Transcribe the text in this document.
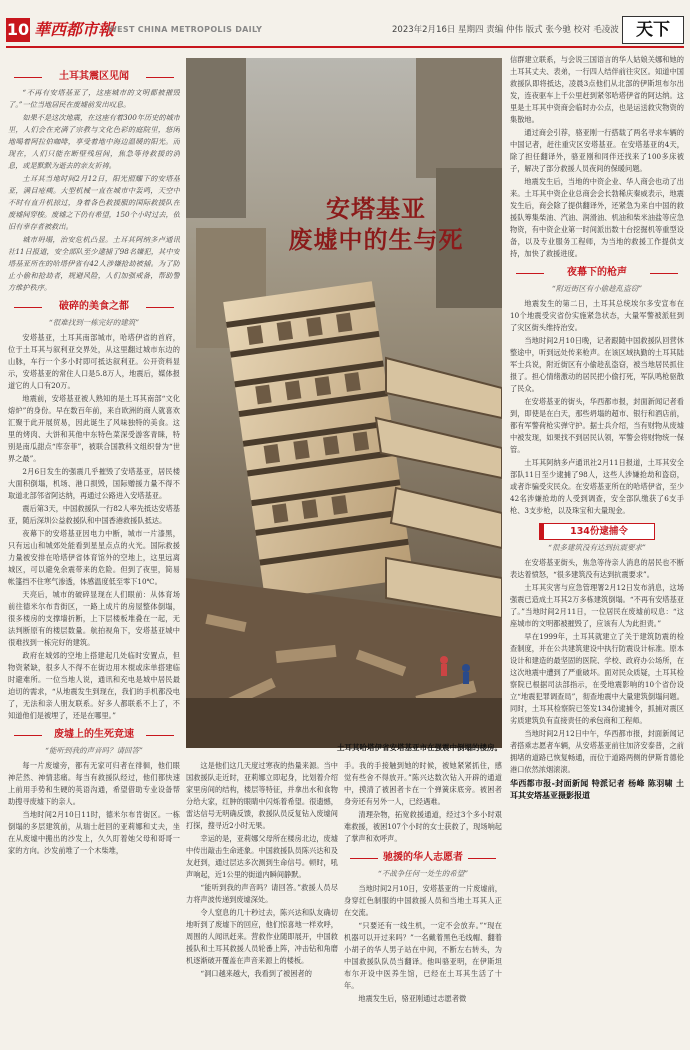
10 華西都市報
WEST CHINA METROPOLIS DAILY	2023年2月16日 星期四 责编 仲伟 版式 张今驰 校对 毛凌波	天下
土耳其震区见闻

“不再有安塔基亚了，这座城市的文明都被摧毁了。”一位当地居民在废墟前发出叹息。

如果不是这次地震，在这座有着300年历史的城市里，人们会在充满了宗教与文化色彩的庭院里，悠闲地喝着阿拉伯咖啡，享受着地中海边温暖的阳光。而现在，人们只能在断壁残垣间，焦急等待救援的消息，或是默默为逝去的亲友祈祷。

土耳其当地时间2月12日，阳光照耀下的安塔基亚，满目疮痍。大型机械一直在城市中轰鸣，天空中不时有直升机掠过，身着各色救援服的国际救援队在废墟间穿梭。废墟之下仍有希望，150个小时过去，依旧有幸存者被救出。

城市坍塌，治安危机凸显。土耳其阿纳多卢通讯社11日报道，安全部队至少逮捕了98名嫌犯，其中安塔基亚所在的哈塔伊省有42人涉嫌抢劫被捕。为了防止小偷和抢劫者，规避风险，人们加强戒备，帮助警方维护秩序。

破碎的美食之都
“很难找到一栋完好的建筑”

安塔基亚，土耳其南部城市，哈塔伊省的首府，位于土耳其与叙利亚交界处，从这里翻过城市东边的山脉，车行一个多小时即可抵达叙利亚。公开资料显示，安塔基亚的常住人口是5.8万人，地震后，媒体报道它的人口有20万。

地震前，安塔基亚被人熟知的是土耳其南部“文化熔炉”的身份。早在数百年前，来自欧洲的商人就喜欢汇聚于此开展贸易，因此诞生了风味独特的美食。这里的烤肉、大饼和其他中东特色菜深受游客青睐，特别是南瓜甜点“库奈菲”，被联合国教科文组织誉为“世界之最”。

2月6日发生的强震几乎摧毁了安塔基亚，居民楼大面积倒塌，机场、港口损毁，国际赠援力量不得不取道北部邻省阿达纳，再通过公路进入安塔基亚。

震后第3天，中国救援队一行82人率先抵达安塔基亚，随后深圳公益救援队和中国香港救援队抵达。

夜幕下的安塔基亚因电力中断，城市一片漆黑，只有远山和城郊处能看到星星点点的火光。国际救援力量被安排在哈塔伊省体育馆外的空地上，这里远离城区，可以避免余震带来的危险。但到了夜里，简易帐篷挡不住寒气渗透，体感温度低至零下10℃。

天亮后，城市的破碎显现在人们眼前：从体育场前往德米尔布肯街区，一路上成片的房屋整体倒塌，很多楼房的支撑墙折断，上下层楼板堆叠在一起，无法判断原有的楼层数量。航拍视角下，安塔基亚城中很难找到一栋完好的建筑。

政府在城郊的空地上搭建起几处临时安置点，但物资紧缺，很多人不得不在街边用木棍或床单搭建临时避难所。一位当地人说，通讯和充电是城中居民最迫切的需求，“从地震发生到现在，我们的手机都没电了，无法和亲人朋友联系。好多人都联系不上了，不知道他们是被埋了，还是在哪里。”

废墟上的生死竞速
“能听到我的声音吗？请回答”

每一片废墟旁，都有无家可归者在徘徊，他们眼神茫然、神情悲痛。每当有救援队经过，他们都快速上前用手势和生硬的英语沟通，希望借助专业设备帮助搜寻废墟下的亲人。

当地时间2月10日11时，德米尔布肯街区。一栋倒塌的多层建筑前，从瑞士赶回的亚莉娜和丈夫，坐在从废墟中搬出的沙发上，久久盯着她父母和哥哥一家的方向。沙发前堆了一个木柴堆，

安塔基亚
废墟中的生与死
土耳其哈塔伊省安塔基亚市在强震中倒塌的楼房。

这是他们这几天度过寒夜的热量来源。当中国救援队走近时，亚莉娜立即起身，比划着介绍家里房间的结构，楼层等特征，并拿出水和食物分给大家，红肿的眼睛中闪烁着希望。很遗憾，雷达信号无明确反馈，救援队员反复钻入废墟间打探，搜寻近2小时无果。

幸运的是，亚莉娜父母所在楼房北边，废墟中传出敲击生命迹象。中国救援队员陈兴达和及友赶到，通过层达多次测到生命信号。顿时，吼声响起，近1公里的街道内瞬间静默。

“能听到我的声音吗？请回答。”救援人员尽力将声波传递到废墟深处。

令人窒息的几十秒过去，陈兴达和队友确切地听到了废墟下的回应，他们惊喜地一样欢呼，周围的人闻讯赶来。营救作业随即展开，中国救援队和土耳其救援人员轮番上阵，冲击钻和角磨机逐渐破开覆盖在声音来源上的楼板。

“洞口越来越大，我看到了被困者的

手。我的手接触到她的时候，被她紧紧抓住，感觉有些舍不得放开。”陈兴达数次钻入开辟的通道中，摸清了被困者卡在一个弹簧床底旁。被困者身旁还有另外一人，已经遇难。

清理杂物，拓宽救援通道，经过3个多小时艰难救援，被困107个小时的女士获救了，现场响起了掌声和欢呼声。

驰援的华人志愿者
“不战争任何一处生的希望”

当地时间2月10日，安塔基亚的一片废墟前，身穿红色制服的中国救援人员和当地土耳其人正在交流。

“只要还有一线生机，一定不会放弃。”“现在机器可以开过来吗？”一名戴着黑色毛线帽、翻着小胡子的华人男子站在中间，不断左右转头，为中国救援队队员当翻译。他叫骆亚明，在伊斯坦布尔开设中医养生馆，已经在土耳其生活了十年。

地震发生后，骆亚刚通过志愿者微

信群建立联系，与会说三国语言的华人姑娘关娜和她的土耳其丈夫、表弟，一行四人结伴前往灾区。知道中国救援队即将抵达，凌晨3点他们从北部的伊斯坦布尔出发，连夜驱车上千公里赶到紧邻哈塔伊省的阿达纳。这里是土耳其中资商会临时办公点，也是运送救灾物资的集散地。

通过商会引荐，骆亚刚一行搭载了两名寻求车辆的中国记者，赶往重灾区安塔基亚。在安塔基亚的4天，除了担任翻译外，骆亚刚和同伴还找来了100多床被子，解决了部分救援人员夜间的保暖问题。

地震发生后，当地的中资企业、华人商会也动了出来。土耳其中资企业总商会会长勃稀庆秦威表示，地震发生后，商会除了提供翻译外，还紧急为来自中国的救援队筹集柴油、汽油、润滑油、机油和柴米油盐等应急物资，有中资企业第一时间派出数十台挖掘机等重型设备，以及专业服务工程师，为当地的救援工作提供支持，加快了救援进度。

夜幕下的枪声
“附近街区有小偷趁乱盗窃”

地震发生的第二日，土耳其总统埃尔多安宣布在10个地震受灾省份实施紧急状态，大量军警被派驻到了灾区街头维持治安。

当地时间2月10日晚，记者跟随中国救援队回营休整途中，听到远处传来枪声。在该区域执勤的土耳其陆军士兵说，附近街区有小偷趁乱盗窃，被当地居民抓住报了。担心情绪激动的居民把小偷打死，军队鸣枪驱散了民众。

在安塔基亚的街头，华西都市报，封面新闻记者看到，即使是在白天，那些坍塌的超市、银行和酒店前，都有军警荷枪实弹守护。据士兵介绍，当有财物从废墟中被发现，如果找不到居民认领，军警会将财物统一保管。

土耳其阿纳多卢通讯社2月11日报道，土耳其安全部队11日至少逮捕了98人，这些人涉嫌抢劫和盗窃，或者诈骗受灾民众。在安塔基亚所在的哈塔伊省，至少42名涉嫌抢劫的人受到调查，安全部队缴获了6支手枪、3支步枪，以及珠宝和大量现金。

134份逮捕令
“很多建筑没有达到抗震要求”

在安塔基亚街头，焦急等待亲人消息的居民也不断表达着愤怒，“很多建筑没有达到抗震要求”。

土耳其灾害与应急管理署2月12日发布消息，这场强震已造成土耳其2万多栋建筑倒塌。“不再有安塔基亚了。”当地时间2月11日，一位居民在废墟前叹息：“这座城市的文明都被摧毁了，应该有人为此担责。”

早在1999年，土耳其就建立了关于建筑防震的检查制度，并在公共建筑建设中执行防震设计标准。原本设计和建造的最坚固的医院、学校、政府办公场所，在这次地震中遭到了严重破坏。面对民众质疑，土耳其检察院已根据司法部指示，在受地震影响的10个省份设立“地震犯罪调查局”，彻查地震中大量建筑倒塌问题。同时，土耳其检察院已签发134份逮捕令，抓捕对震区劣质建筑负有直接责任的承包商和工程师。

当地时间2月12日中午，华西都市报，封面新闻记者搭乘志愿者车辆，从安塔基亚前往加济安泰普，之前拥堵的道路已恢复畅通，而位于道路两侧的伊斯肯德伦港口依然浓烟滚滚。

华西都市报-封面新闻 特派记者 杨峰 陈羽啸 土耳其安塔基亚摄影报道
